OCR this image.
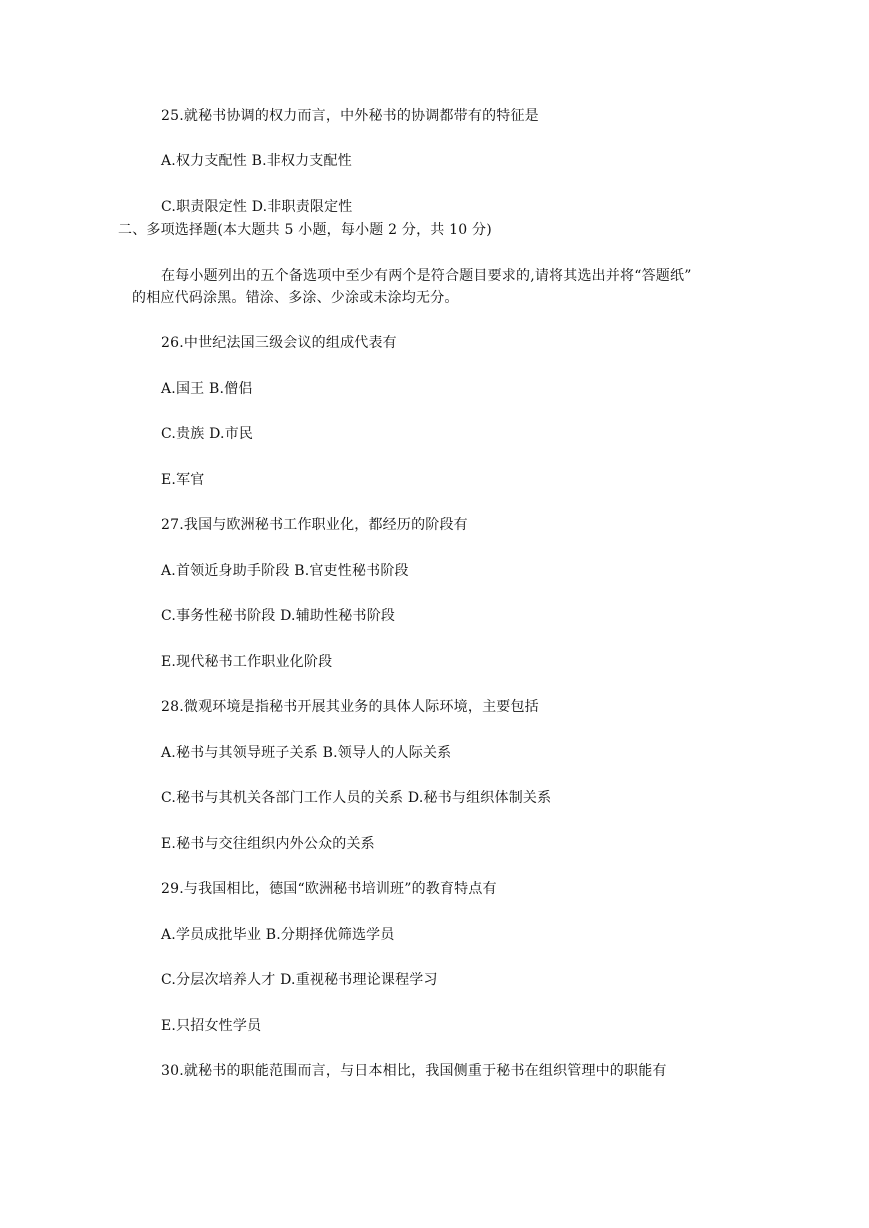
25.就秘书协调的权力而言，中外秘书的协调都带有的特征是
A.权力支配性 B.非权力支配性
C.职责限定性 D.非职责限定性
二、多项选择题(本大题共 5 小题，每小题 2 分，共 10 分)
在每小题列出的五个备选项中至少有两个是符合题目要求的,请将其选出并将“答题纸”
的相应代码涂黑。错涂、多涂、少涂或未涂均无分。
26.中世纪法国三级会议的组成代表有
A.国王 B.僧侣
C.贵族 D.市民
E.军官
27.我国与欧洲秘书工作职业化，都经历的阶段有
A.首领近身助手阶段 B.官吏性秘书阶段
C.事务性秘书阶段 D.辅助性秘书阶段
E.现代秘书工作职业化阶段
28.微观环境是指秘书开展其业务的具体人际环境，主要包括
A.秘书与其领导班子关系 B.领导人的人际关系
C.秘书与其机关各部门工作人员的关系 D.秘书与组织体制关系
E.秘书与交往组织内外公众的关系
29.与我国相比，德国“欧洲秘书培训班”的教育特点有
A.学员成批毕业 B.分期择优筛选学员
C.分层次培养人才 D.重视秘书理论课程学习
E.只招女性学员
30.就秘书的职能范围而言，与日本相比，我国侧重于秘书在组织管理中的职能有
